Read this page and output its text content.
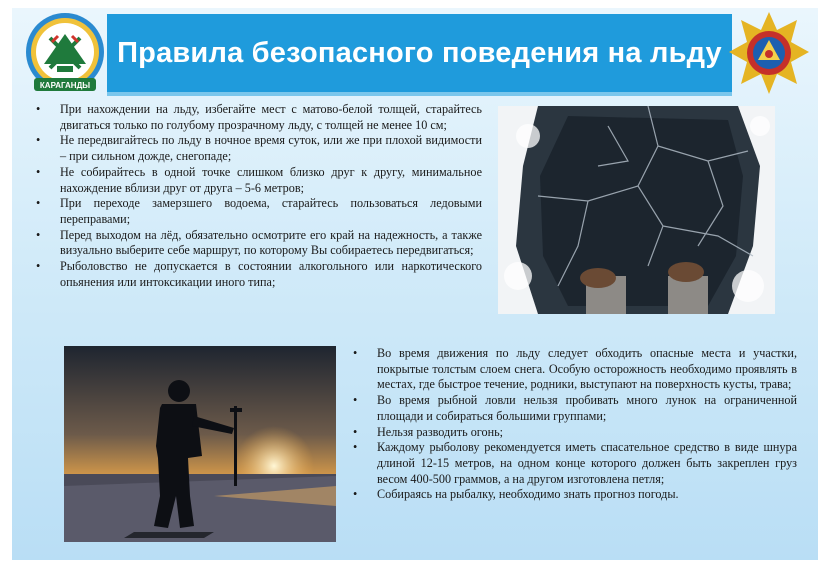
КАРАГАНДЫ
Правила безопасного поведения на льду
• При нахождении на льду, избегайте мест с матово-белой толщей, старайтесь двигаться только по голубому прозрачному льду, с толщей не менее 10 см;
• Не передвигайтесь по льду в ночное время суток, или же при плохой видимости – при сильном дожде, снегопаде;
• Не собирайтесь в одной точке слишком близко друг к другу, минимальное нахождение вблизи друг от друга – 5-6 метров;
• При переходе замерзшего водоема, старайтесь пользоваться ледовыми переправами;
• Перед выходом на лёд, обязательно осмотрите его край на надежность, а также визуально выберите себе маршрут, по которому Вы собираетесь передвигаться;
• Рыболовство не допускается в состоянии алкогольного или наркотического опьянения или интоксикации иного типа;
• Во время движения по льду следует обходить опасные места и участки, покрытые толстым слоем снега. Особую осторожность необходимо проявлять в местах, где быстрое течение, родники, выступают на поверхность кусты, трава;
• Во время рыбной ловли нельзя пробивать много лунок на ограниченной площади и собираться большими группами;
• Нельзя разводить огонь;
• Каждому рыболову рекомендуется иметь спасательное средство в виде шнура длиной 12-15 метров, на одном конце которого должен быть закреплен груз весом 400-500 граммов, а на другом изготовлена петля;
• Собираясь на рыбалку, необходимо знать прогноз погоды.
